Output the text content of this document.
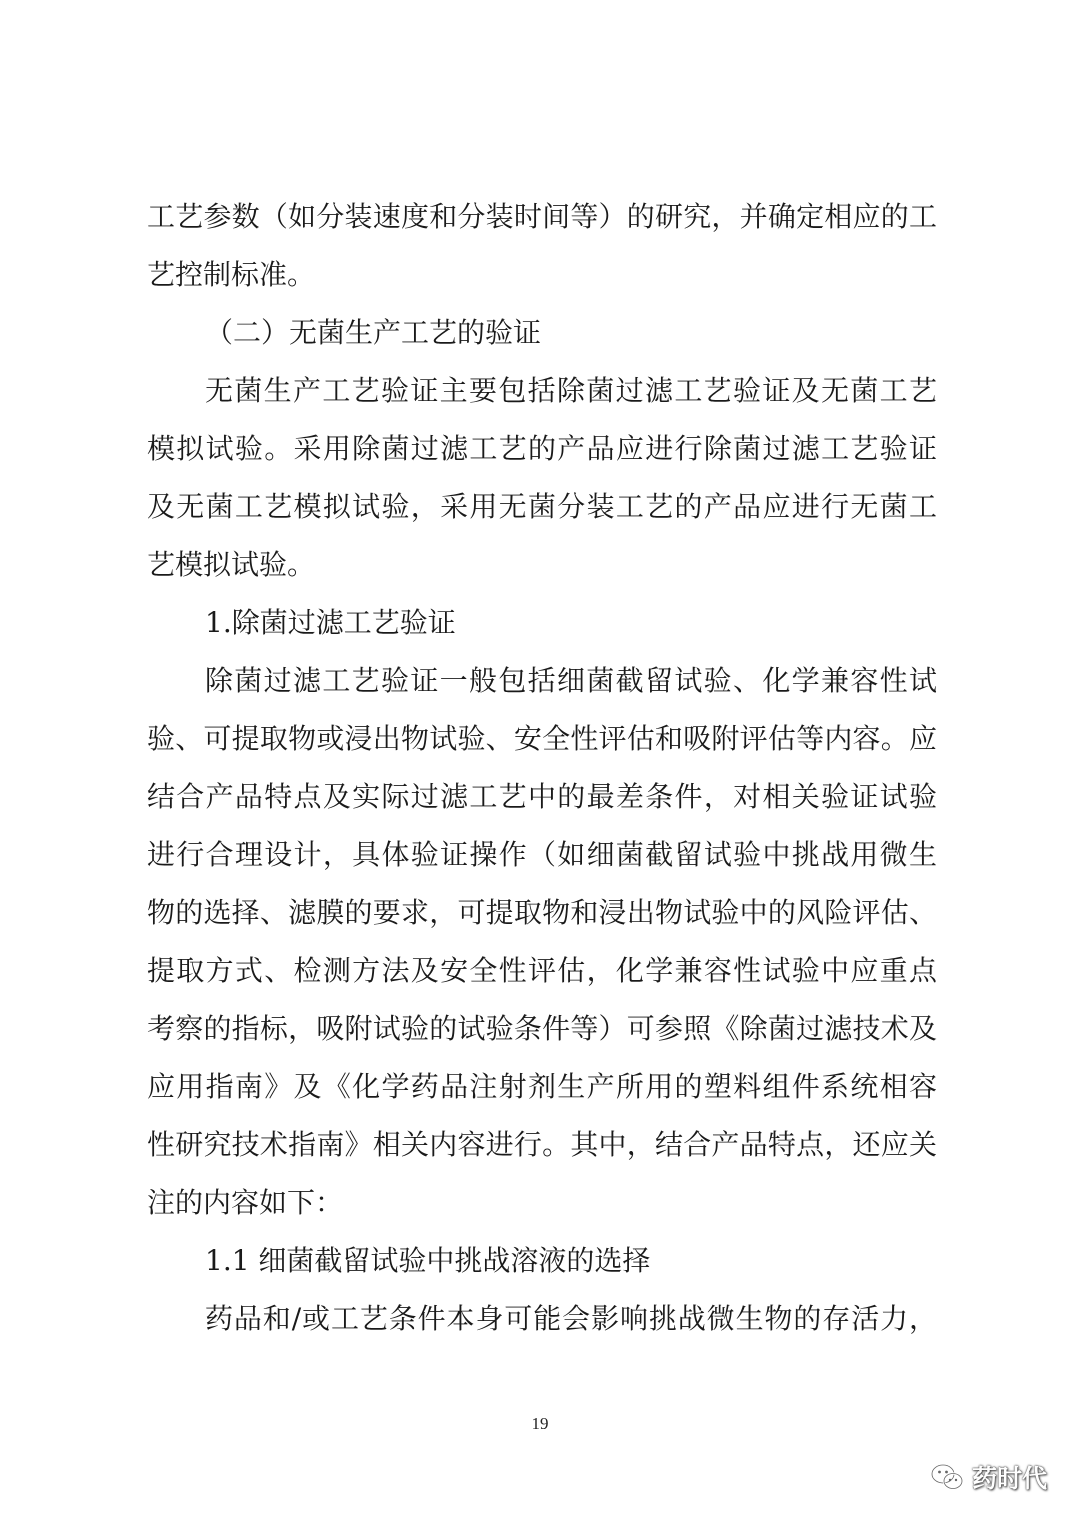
工艺参数（如分装速度和分装时间等）的研究，并确定相应的工
艺控制标准。
（二）无菌生产工艺的验证
无菌生产工艺验证主要包括除菌过滤工艺验证及无菌工艺
模拟试验。采用除菌过滤工艺的产品应进行除菌过滤工艺验证
及无菌工艺模拟试验，采用无菌分装工艺的产品应进行无菌工
艺模拟试验。
1.除菌过滤工艺验证
除菌过滤工艺验证一般包括细菌截留试验、化学兼容性试
验、可提取物或浸出物试验、安全性评估和吸附评估等内容。应
结合产品特点及实际过滤工艺中的最差条件，对相关验证试验
进行合理设计，具体验证操作（如细菌截留试验中挑战用微生
物的选择、滤膜的要求，可提取物和浸出物试验中的风险评估、
提取方式、检测方法及安全性评估，化学兼容性试验中应重点
考察的指标，吸附试验的试验条件等）可参照《除菌过滤技术及
应用指南》及《化学药品注射剂生产所用的塑料组件系统相容
性研究技术指南》相关内容进行。其中，结合产品特点，还应关
注的内容如下：
1.1 细菌截留试验中挑战溶液的选择
药品和/或工艺条件本身可能会影响挑战微生物的存活力，
19
药时代
